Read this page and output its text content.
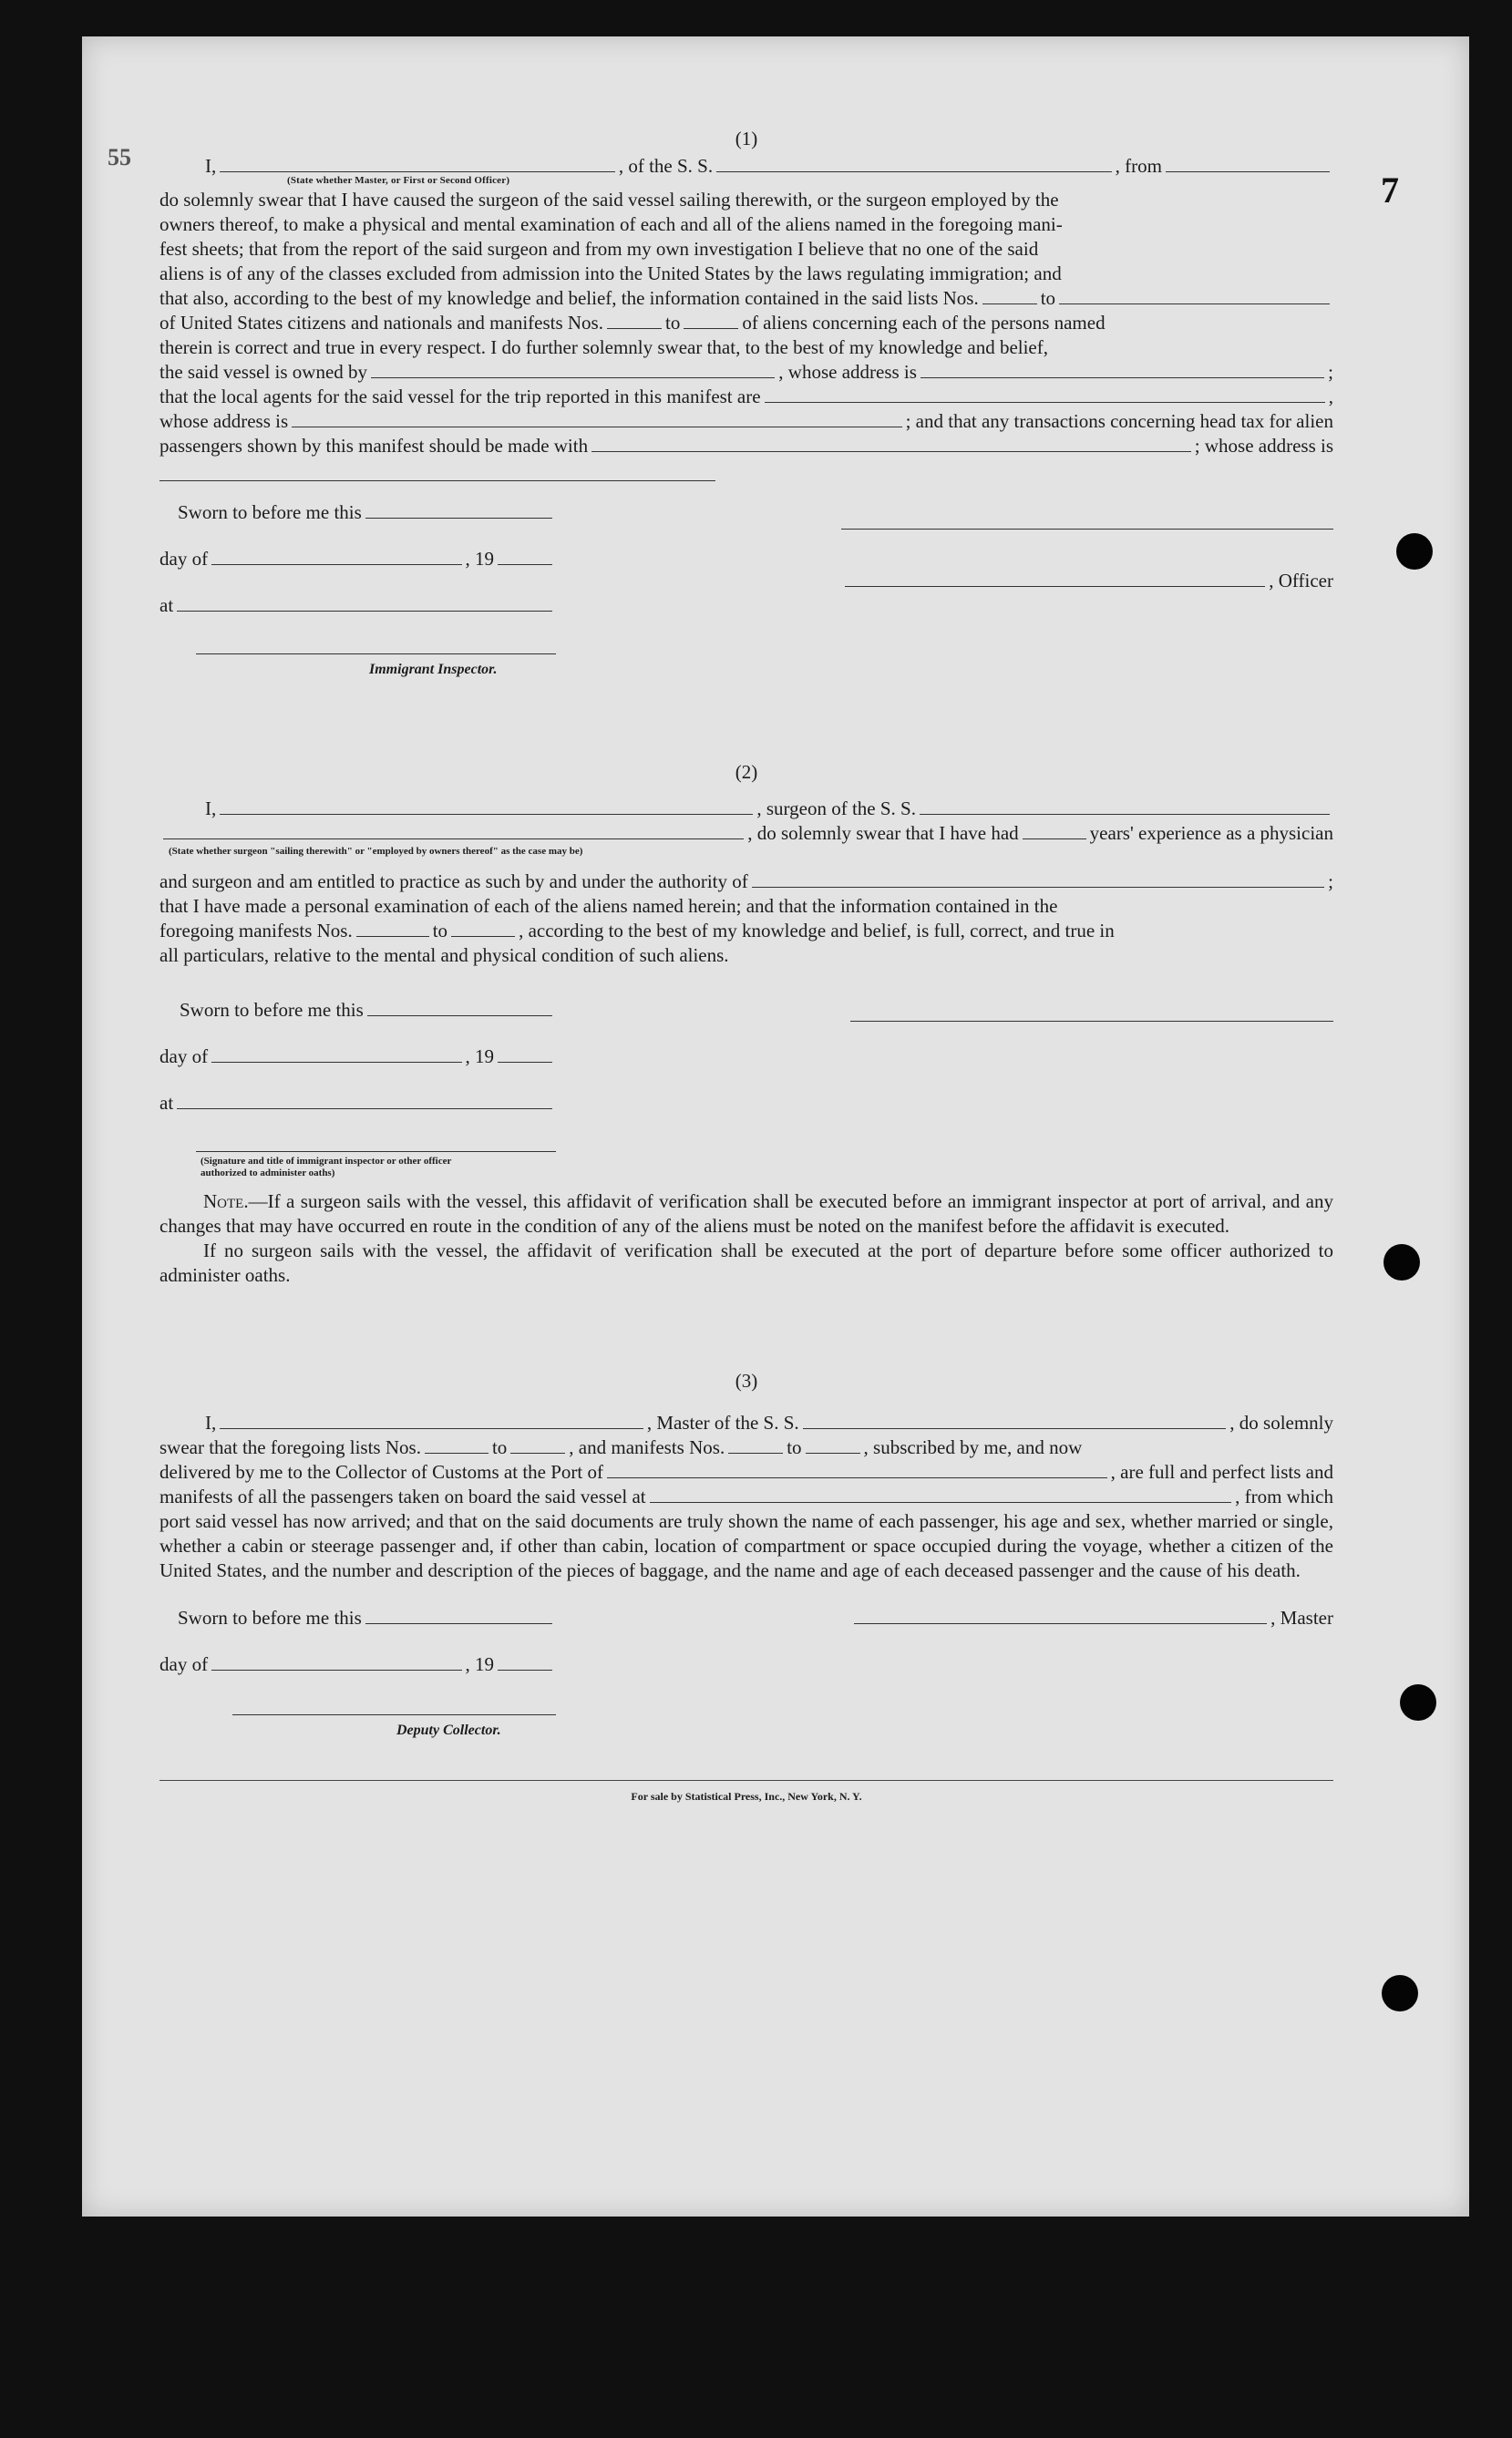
55
7

(1)

I,	, of the S. S.	, from
(State whether Master, or First or Second Officer)

do solemnly swear that I have caused the surgeon of the said vessel sailing therewith, or the surgeon employed by the

owners thereof, to make a physical and mental examination of each and all of the aliens named in the foregoing mani-

fest sheets; that from the report of the said surgeon and from my own investigation I believe that no one of the said

aliens is of any of the classes excluded from admission into the United States by the laws regulating immigration; and

that also, according to the best of my knowledge and belief, the information contained in the said lists Nos.	to
of United States citizens and nationals and manifests Nos.	to	of aliens concerning each of the persons named

therein is correct and true in every respect. I do further solemnly swear that, to the best of my knowledge and belief,

the said vessel is owned by	, whose address is	;
that the local agents for the said vessel for the trip reported in this manifest are	,
whose address is	; and that any transactions concerning head tax for alien
passengers shown by this manifest should be made with	; whose address is
Sworn to before me this
day of	, 19
at
Immigrant Inspector.
, Officer

(2)

I,	, surgeon of the S. S.
, do solemnly swear that I have had	years' experience as a physician
(State whether surgeon "sailing therewith" or "employed by owners thereof" as the case may be)
and surgeon and am entitled to practice as such by and under the authority of	;

that I have made a personal examination of each of the aliens named herein; and that the information contained in the

foregoing manifests Nos.	to	, according to the best of my knowledge and belief, is full, correct, and true in

all particulars, relative to the mental and physical condition of such aliens.

Sworn to before me this
day of	, 19
at
(Signature and title of immigrant inspector or other officer authorized to administer oaths)

Note.—If a surgeon sails with the vessel, this affidavit of verification shall be executed before an immigrant inspector at port of arrival, and any changes that may have occurred en route in the condition of any of the aliens must be noted on the manifest before the affidavit is executed.

If no surgeon sails with the vessel, the affidavit of verification shall be executed at the port of departure before some officer authorized to administer oaths.

(3)

I,	, Master of the S. S.	, do solemnly
swear that the foregoing lists Nos.	to	, and manifests Nos.	to	, subscribed by me, and now
delivered by me to the Collector of Customs at the Port of	, are full and perfect lists and
manifests of all the passengers taken on board the said vessel at	, from which

port said vessel has now arrived; and that on the said documents are truly shown the name of each passenger, his age and sex, whether married or single, whether a cabin or steerage passenger and, if other than cabin, location of compartment or space occupied during the voyage, whether a citizen of the United States, and the number and description of the pieces of baggage, and the name and age of each deceased passenger and the cause of his death.

Sworn to before me this
day of	, 19
Deputy Collector.
, Master
For sale by Statistical Press, Inc., New York, N. Y.
